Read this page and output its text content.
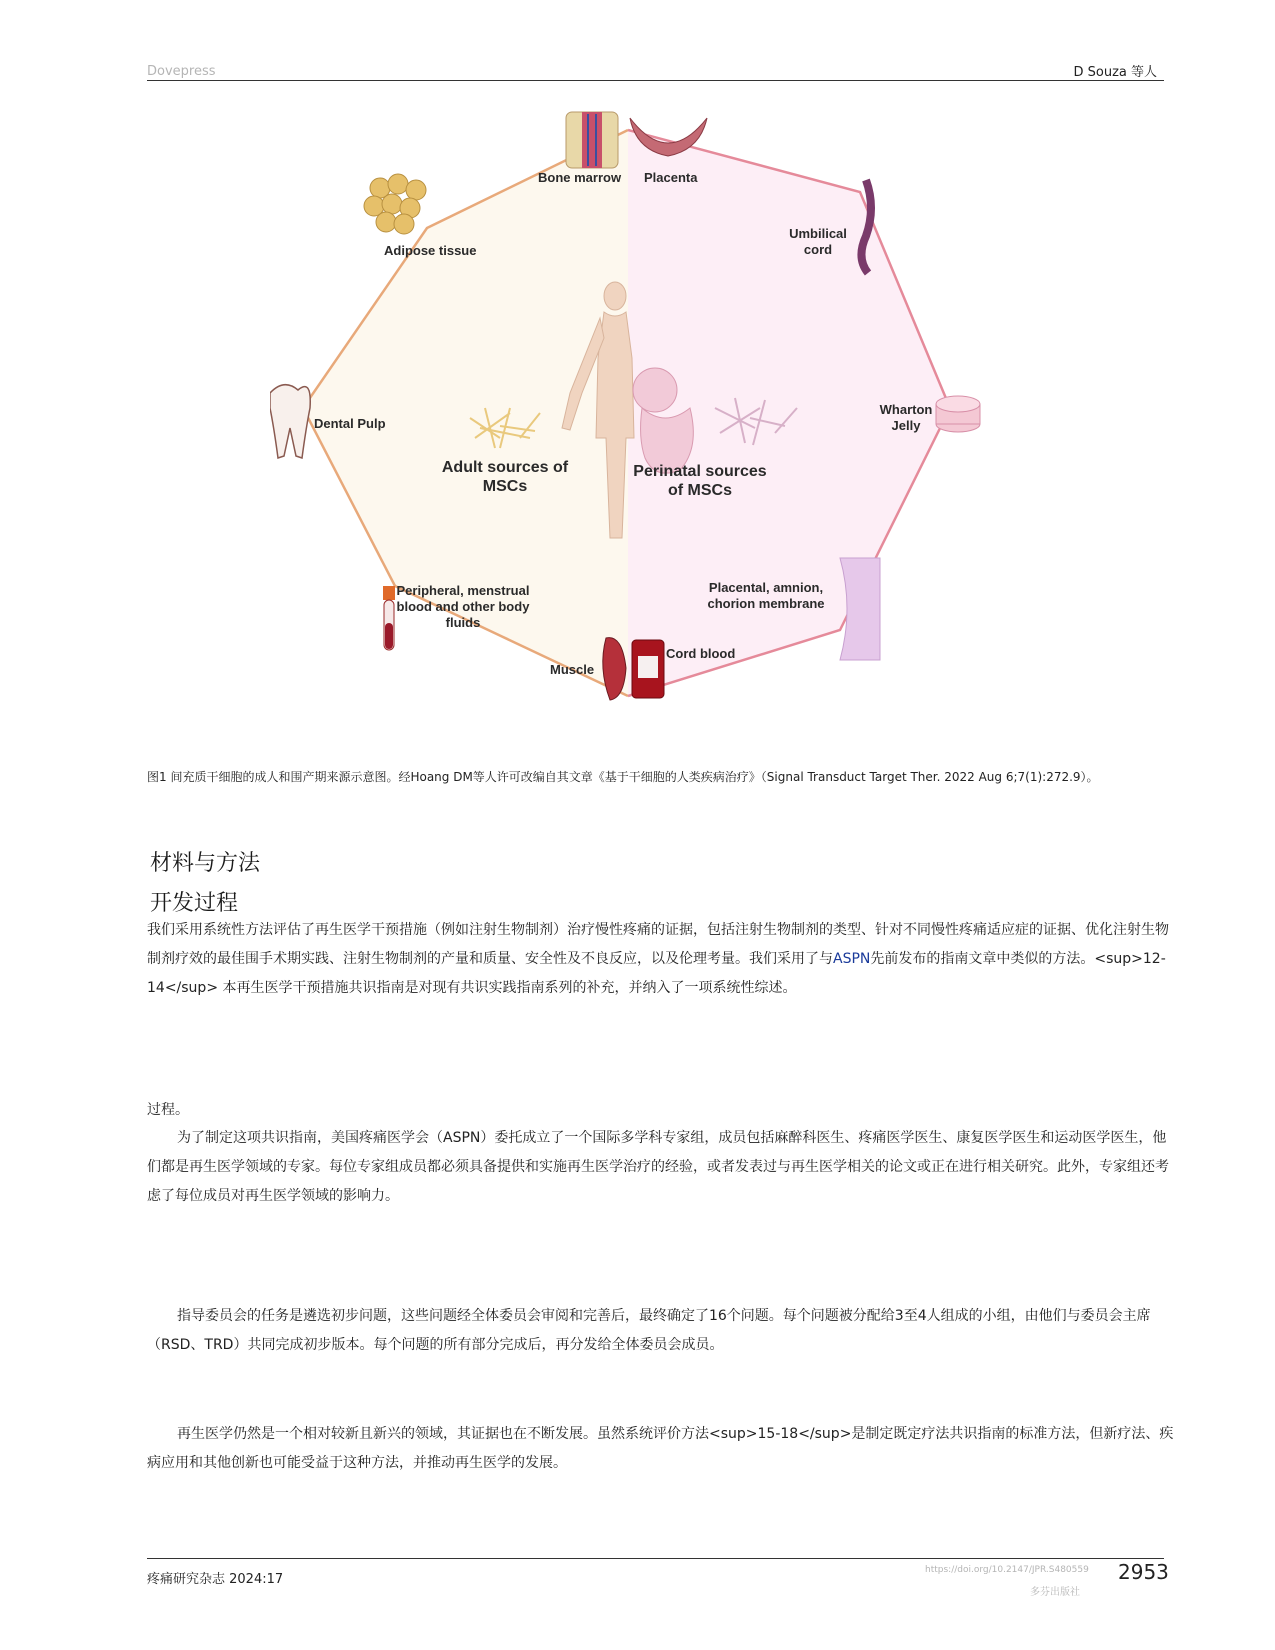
Dovepress	D Souza 等人
Adult sources of
MSCs
Perinatal sources
of MSCs
Bone marrow Placenta
Adipose tissue
Umbilical
cord
Dental Pulp
Wharton
Jelly
Peripheral, menstrual
blood and other body
fluids
Placental, amnion,
chorion membrane
Muscle
Cord blood
图1 间充质干细胞的成人和围产期来源示意图。经Hoang DM等人许可改编自其文章《基于干细胞的人类疾病治疗》（Signal Transduct Target Ther. 2022 Aug 6;7(1):272.9）。
材料与方法
开发过程
我们采用系统性方法评估了再生医学干预措施（例如注射生物制剂）治疗慢性疼痛的证据，包括注射生物制剂的类型、针对不同慢性疼痛适应症的证据、优化注射生物制剂疗效的最佳围手术期实践、注射生物制剂的产量和质量、安全性及不良反应，以及伦理考量。我们采用了与ASPN先前发布的指南文章中类似的方法。<sup>12-14</sup> 本再生医学干预措施共识指南是对现有共识实践指南系列的补充，并纳入了一项系统性综述。
过程。
为了制定这项共识指南，美国疼痛医学会（ASPN）委托成立了一个国际多学科专家组，成员包括麻醉科医生、疼痛医学医生、康复医学医生和运动医学医生，他们都是再生医学领域的专家。每位专家组成员都必须具备提供和实施再生医学治疗的经验，或者发表过与再生医学相关的论文或正在进行相关研究。此外，专家组还考虑了每位成员对再生医学领域的影响力。
指导委员会的任务是遴选初步问题，这些问题经全体委员会审阅和完善后，最终确定了16个问题。每个问题被分配给3至4人组成的小组，由他们与委员会主席（RSD、TRD）共同完成初步版本。每个问题的所有部分完成后，再分发给全体委员会成员。
再生医学仍然是一个相对较新且新兴的领域，其证据也在不断发展。虽然系统评价方法<sup>15-18</sup>是制定既定疗法共识指南的标准方法，但新疗法、疾病应用和其他创新也可能受益于这种方法，并推动再生医学的发展。
疼痛研究杂志 2024:17
https://doi.org/10.2147/JPR.S480559
多芬出版社
2953
